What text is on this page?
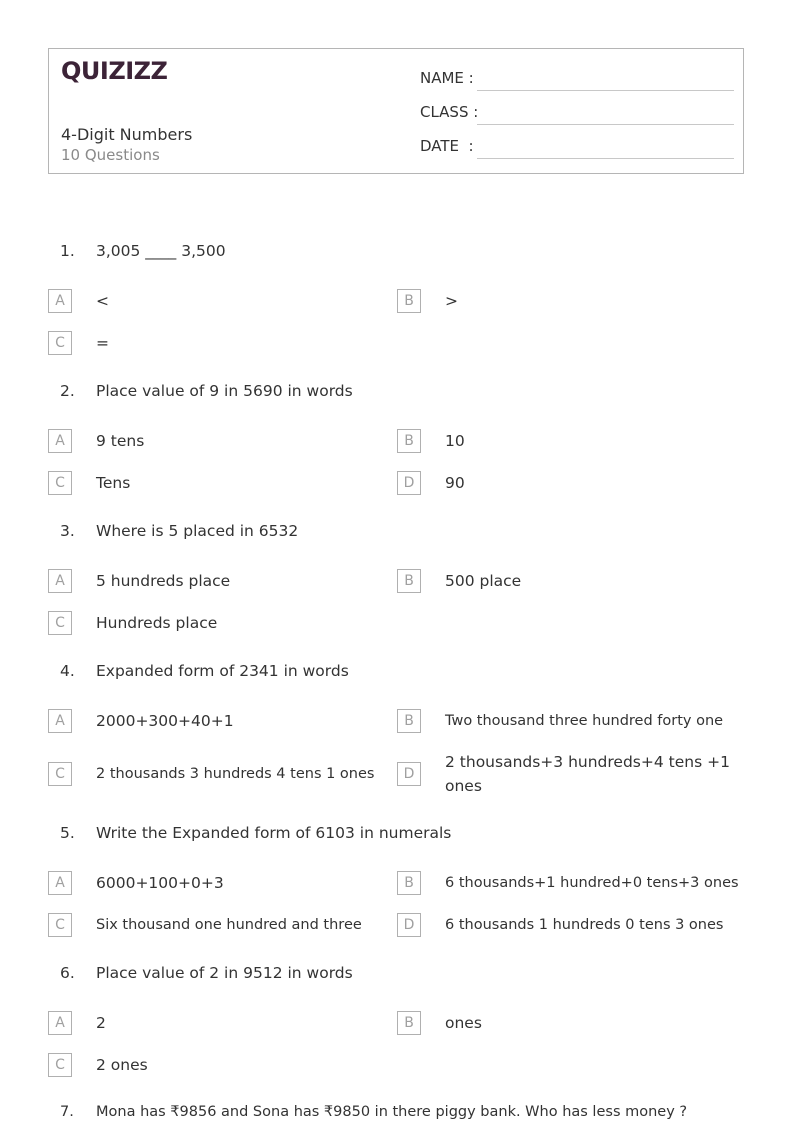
QUIZIZZ
4-Digit Numbers
10 Questions
NAME :
CLASS :
DATE  :
1. 3,005 ____ 3,500
A	<	B	>
C	=
2. Place value of 9 in 5690 in words
A	9 tens	B	10
C	Tens	D	90
3. Where is 5 placed in 6532
A	5 hundreds place	B	500 place
C	Hundreds place
4. Expanded form of 2341 in words
A	2000+300+40+1	B	Two thousand three hundred forty one
C	2 thousands 3 hundreds 4 tens 1 ones	D
2 thousands+3 hundreds+4 tens +1
ones
5. Write the Expanded form of 6103 in numerals
A	6000+100+0+3	B	6 thousands+1 hundred+0 tens+3 ones
C	Six thousand one hundred and three	D	6 thousands 1 hundreds 0 tens 3 ones
6. Place value of 2 in 9512 in words
A	2	B	ones
C	2 ones
7. Mona has ₹9856 and Sona has ₹9850 in there piggy bank. Who has less money ?
